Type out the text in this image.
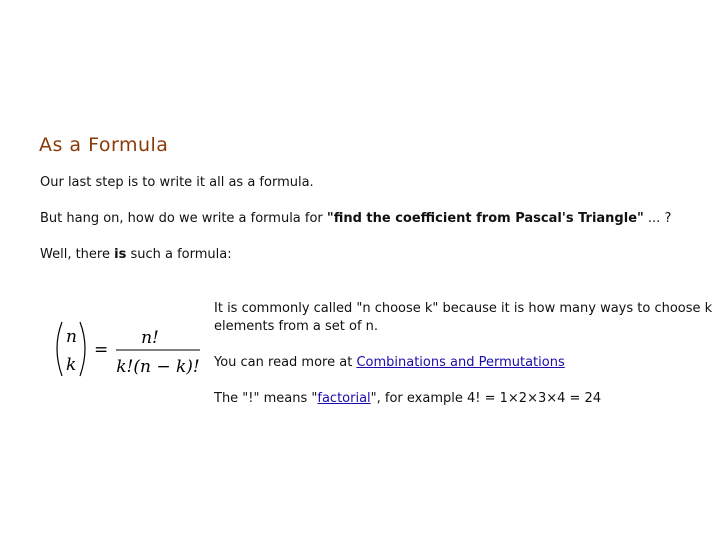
As a Formula

Our last step is to write it all as a formula.

But hang on, how do we write a formula for "find the coefficient from Pascal's Triangle" ... ?

Well, there is such a formula:

n
k
=
n!
k!(n − k)!

It is commonly called "n choose k" because it is how many ways to choose k elements from a set of n.

You can read more at Combinations and Permutations

The "!" means "factorial", for example 4! = 1×2×3×4 = 24
